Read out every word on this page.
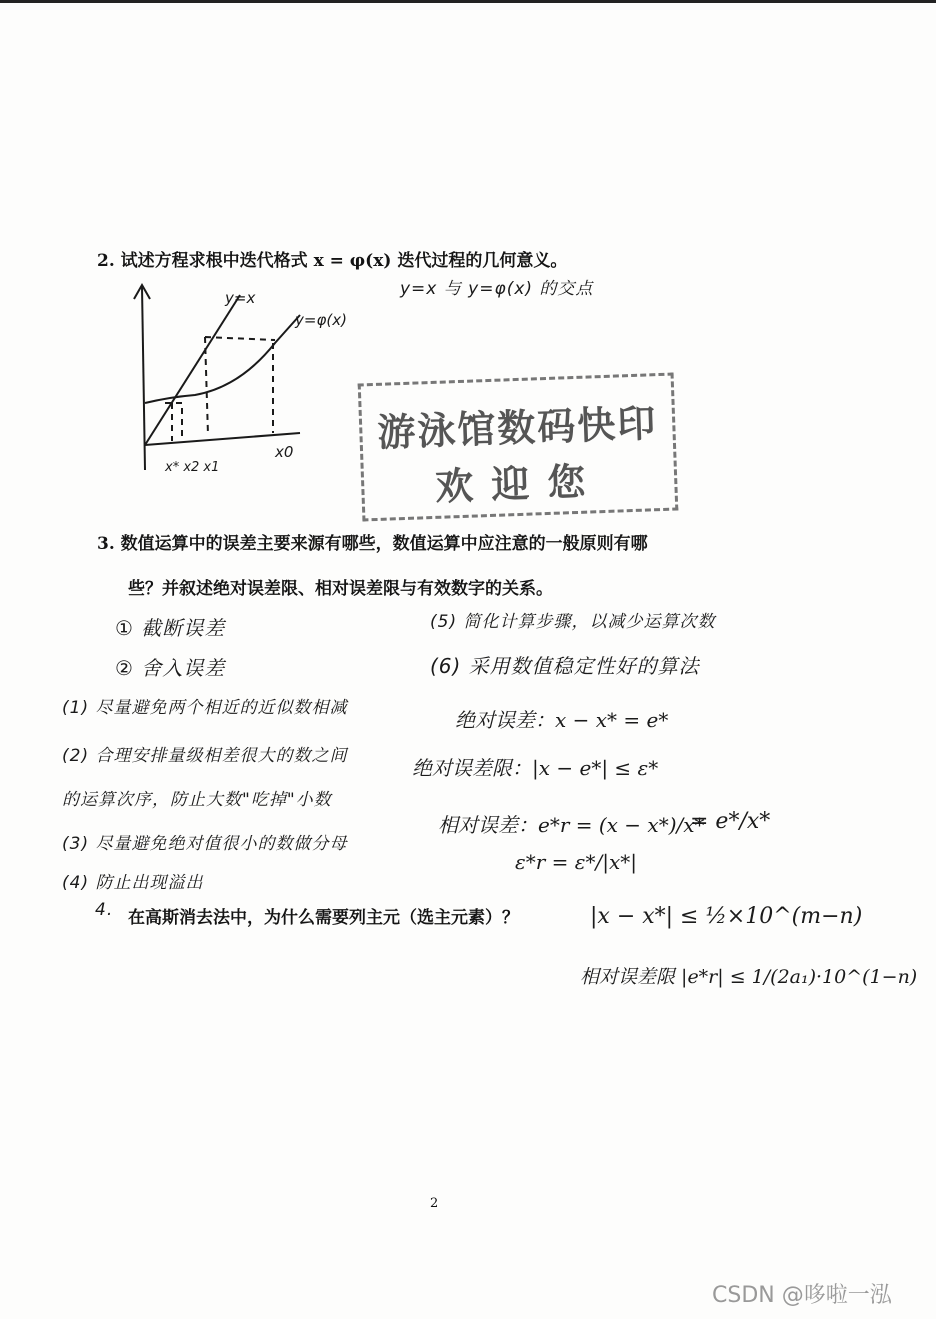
2. 试述方程求根中迭代格式 x = φ(x) 迭代过程的几何意义。
y=x 与 y=φ(x) 的交点
y=x
y=φ(x)
x0
x* x2 x1
游泳馆数码快印
欢迎您
3. 数值运算中的误差主要来源有哪些，数值运算中应注意的一般原则有哪
些？并叙述绝对误差限、相对误差限与有效数字的关系。
① 截断误差
② 舍入误差
(5) 简化计算步骤，以减少运算次数
(6) 采用数值稳定性好的算法
(1) 尽量避免两个相近的近似数相减
(2) 合理安排量级相差很大的数之间
的运算次序，防止大数"吃掉"小数
(3) 尽量避免绝对值很小的数做分母
(4) 防止出现溢出
绝对误差：x − x* = e*
绝对误差限：|x − e*| ≤ ε*
相对误差：e*r = (x − x*)/x*
= e*/x*
ε*r = ε*/|x*|
4. 在高斯消去法中，为什么需要列主元（选主元素）？	|x − x*| ≤ ½×10^(m−n)
相对误差限 |e*r| ≤ 1/(2a₁)·10^(1−n)
2
CSDN @哆啦一泓
